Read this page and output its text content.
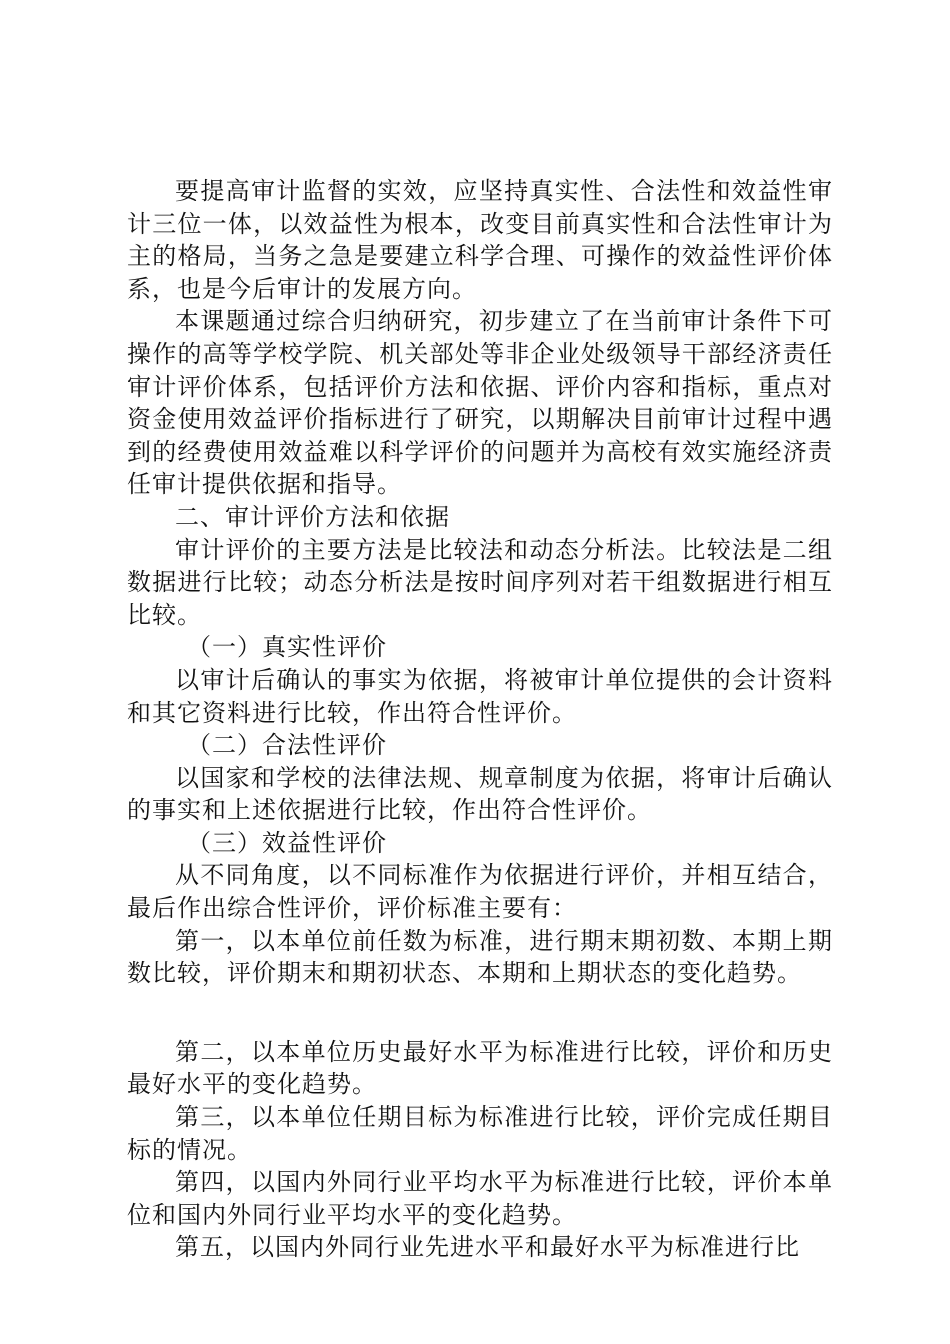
要提高审计监督的实效，应坚持真实性、合法性和效益性审计三位一体，以效益性为根本，改变目前真实性和合法性审计为主的格局，当务之急是要建立科学合理、可操作的效益性评价体系，也是今后审计的发展方向。

本课题通过综合归纳研究，初步建立了在当前审计条件下可操作的高等学校学院、机关部处等非企业处级领导干部经济责任审计评价体系，包括评价方法和依据、评价内容和指标，重点对资金使用效益评价指标进行了研究，以期解决目前审计过程中遇到的经费使用效益难以科学评价的问题并为高校有效实施经济责任审计提供依据和指导。

二、审计评价方法和依据

审计评价的主要方法是比较法和动态分析法。比较法是二组数据进行比较；动态分析法是按时间序列对若干组数据进行相互比较。

（一）真实性评价

以审计后确认的事实为依据，将被审计单位提供的会计资料和其它资料进行比较，作出符合性评价。

（二）合法性评价

以国家和学校的法律法规、规章制度为依据，将审计后确认的事实和上述依据进行比较，作出符合性评价。

（三）效益性评价

从不同角度，以不同标准作为依据进行评价，并相互结合，最后作出综合性评价，评价标准主要有：

第一，以本单位前任数为标准，进行期末期初数、本期上期数比较，评价期末和期初状态、本期和上期状态的变化趋势。

第二，以本单位历史最好水平为标准进行比较，评价和历史最好水平的变化趋势。

第三，以本单位任期目标为标准进行比较，评价完成任期目标的情况。

第四，以国内外同行业平均水平为标准进行比较，评价本单位和国内外同行业平均水平的变化趋势。

第五，以国内外同行业先进水平和最好水平为标准进行比
